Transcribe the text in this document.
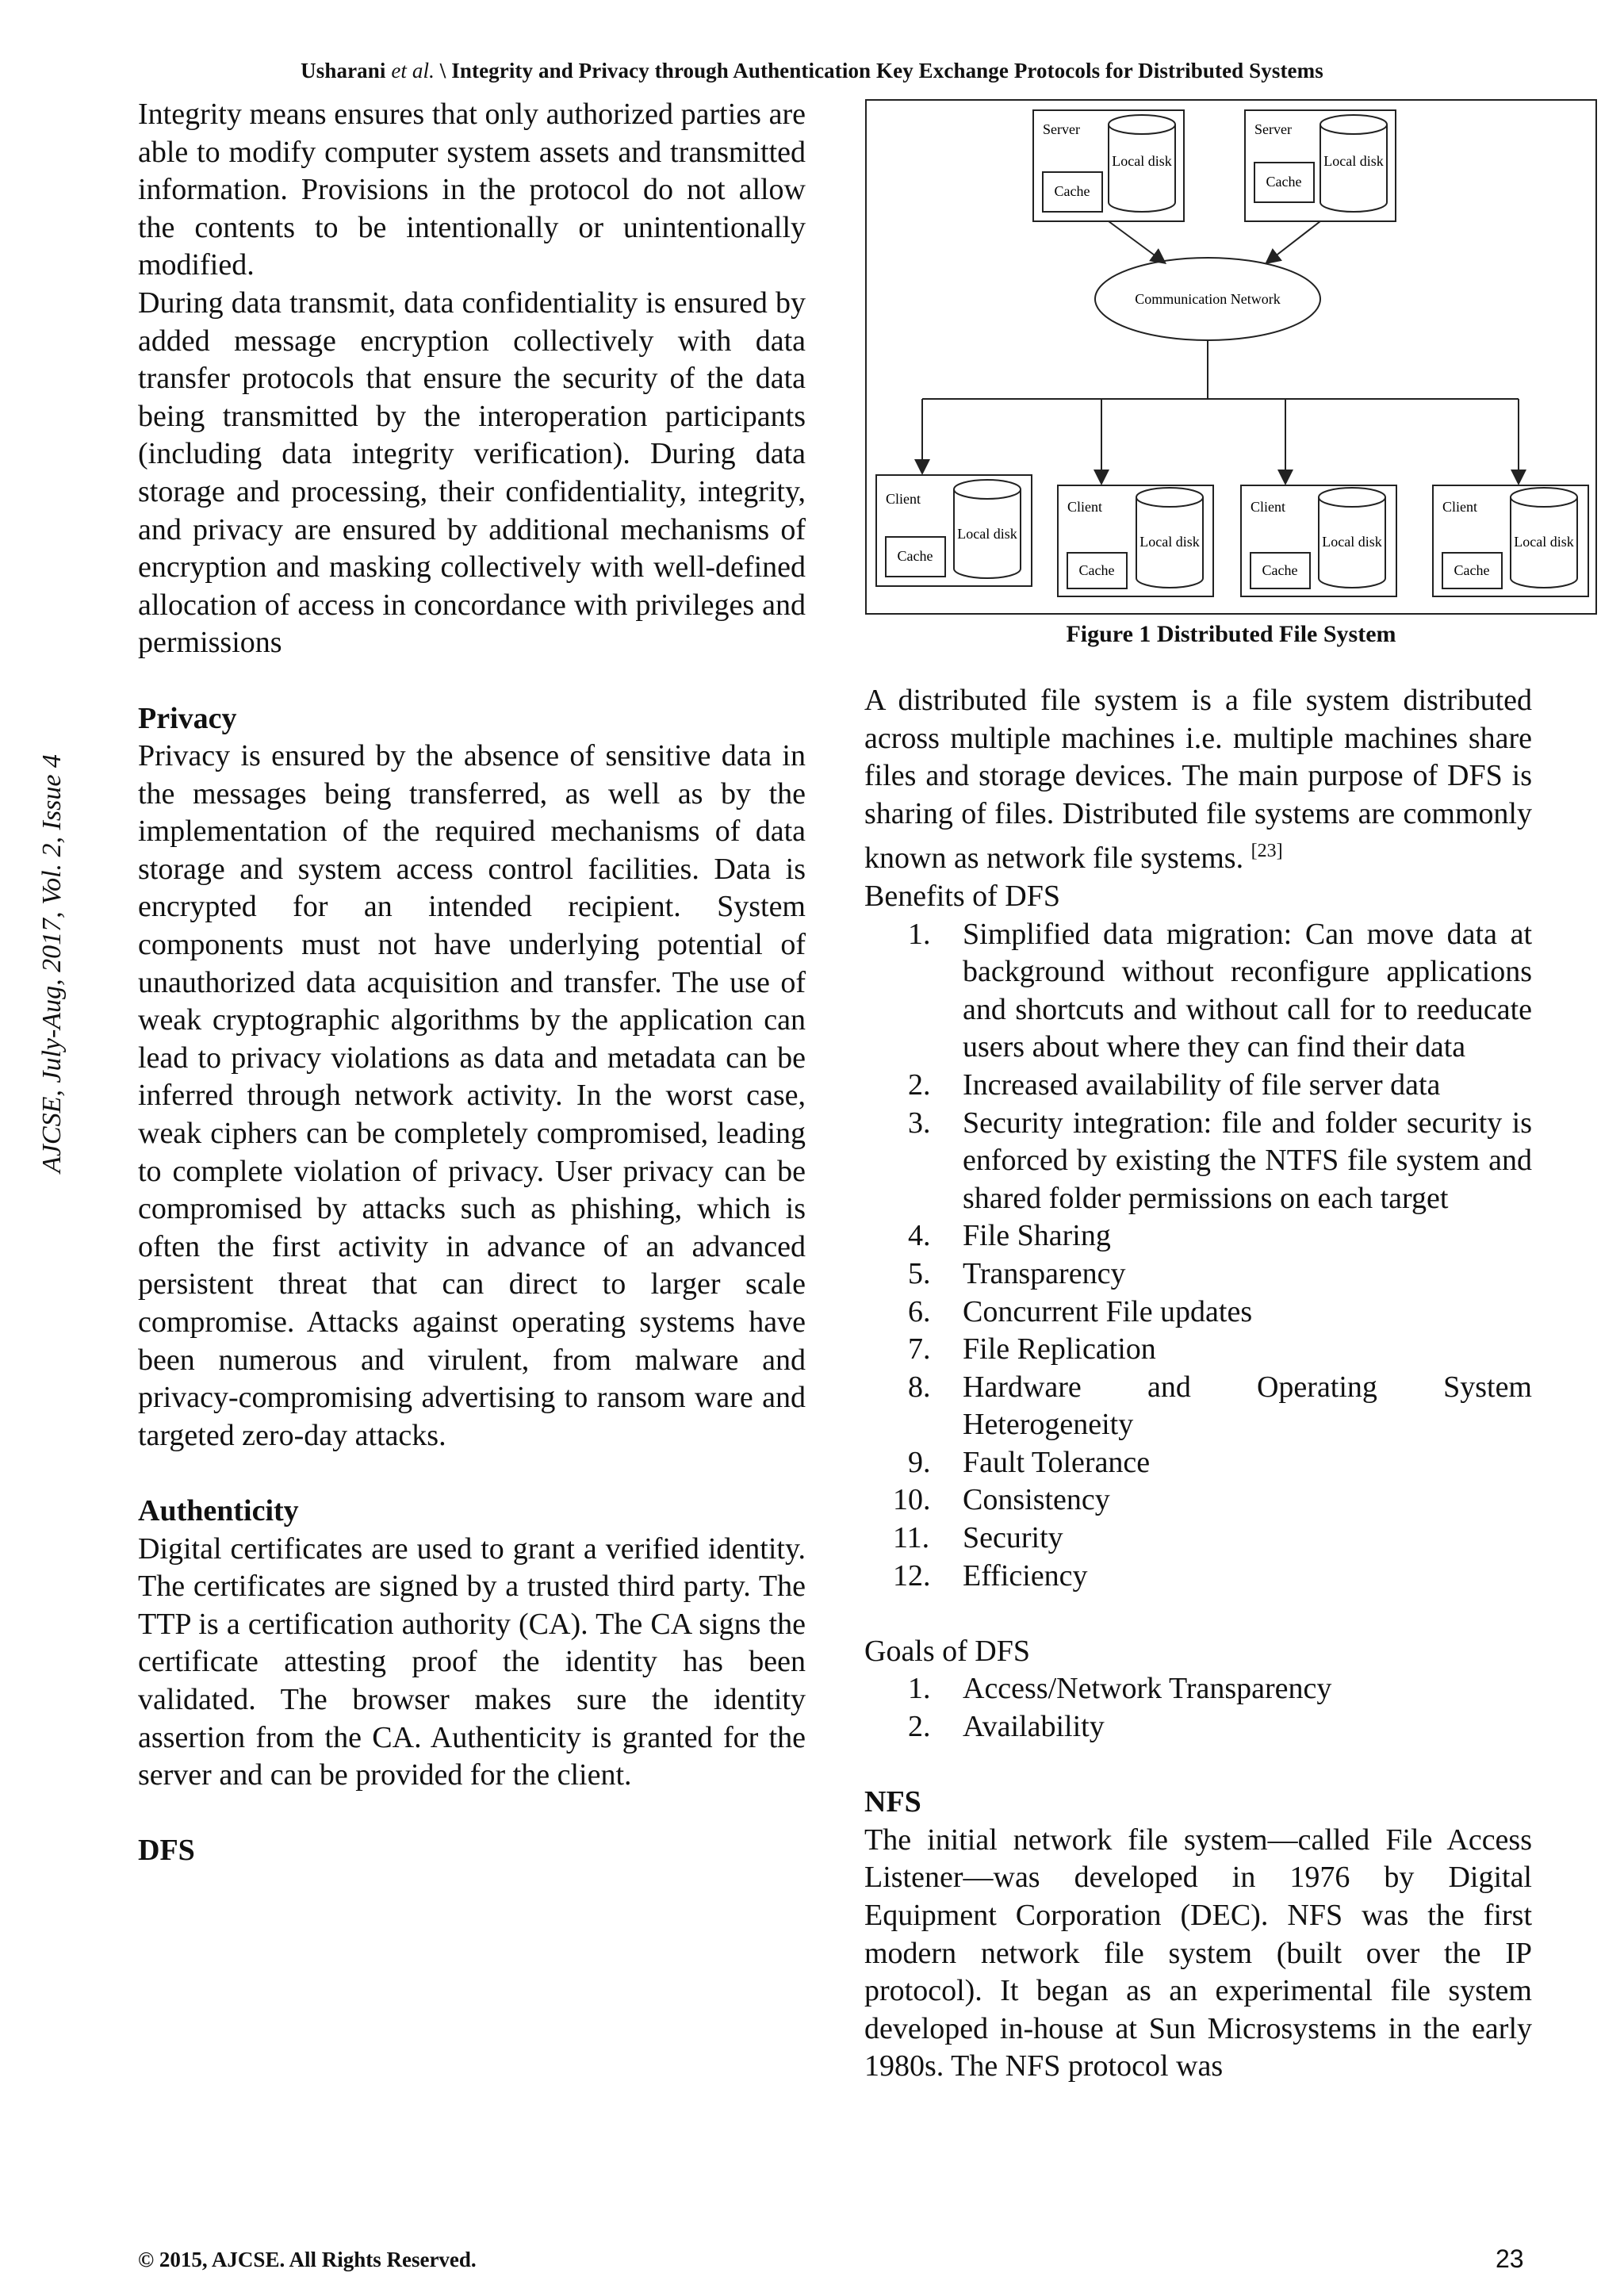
Usharani et al. \ Integrity and Privacy through Authentication Key Exchange Protocols for Distributed Systems
AJCSE, July-Aug, 2017, Vol. 2, Issue 4

Integrity means ensures that only authorized parties are able to modify computer system assets and transmitted information. Provisions in the protocol do not allow the contents to be intentionally or unintentionally modified.

During data transmit, data confidentiality is ensured by added message encryption collectively with data transfer protocols that ensure the security of the data being transmitted by the interoperation participants (including data integrity verification). During data storage and processing, their confidentiality, integrity, and privacy are ensured by additional mechanisms of encryption and masking collectively with well-defined allocation of access in concordance with privileges and permissions

Privacy

Privacy is ensured by the absence of sensitive data in the messages being transferred, as well as by the implementation of the required mechanisms of data storage and system access control facilities. Data is encrypted for an intended recipient. System components must not have underlying potential of unauthorized data acquisition and transfer. The use of weak cryptographic algorithms by the application can lead to privacy violations as data and metadata can be inferred through network activity. In the worst case, weak ciphers can be completely compromised, leading to complete violation of privacy. User privacy can be compromised by attacks such as phishing, which is often the first activity in advance of an advanced persistent threat that can direct to larger scale compromise. Attacks against operating systems have been numerous and virulent, from malware and privacy-compromising advertising to ransom ware and targeted zero-day attacks.

Authenticity

Digital certificates are used to grant a verified identity. The certificates are signed by a trusted third party. The TTP is a certification authority (CA). The CA signs the certificate attesting proof the identity has been validated. The browser makes sure the identity assertion from the CA. Authenticity is granted for the server and can be provided for the client.

DFS
Server
Cache
Local disk
Server
Cache
Local disk
Communication Network
Client
Cache
Local disk
Client
Cache
Local disk
Client
Cache
Local disk
Client
Cache
Local disk
Figure 1 Distributed File System

A distributed file system is a file system distributed across multiple machines i.e. multiple machines share files and storage devices. The main purpose of DFS is sharing of files. Distributed file systems are commonly known as network file systems. [23]

Benefits of DFS

1. Simplified data migration: Can move data at background without reconfigure applications and shortcuts and without call for to reeducate users about where they can find their data
2. Increased availability of file server data
3. Security integration: file and folder security is enforced by existing the NTFS file system and shared folder permissions on each target
4. File Sharing
5. Transparency
6. Concurrent File updates
7. File Replication
8. Hardware and Operating System Heterogeneity
9. Fault Tolerance
10. Consistency
11. Security
12. Efficiency

Goals of DFS

1. Access/Network Transparency
2. Availability
NFS

The initial network file system—called File Access Listener—was developed in 1976 by Digital Equipment Corporation (DEC). NFS was the first modern network file system (built over the IP protocol). It began as an experimental file system developed in-house at Sun Microsystems in the early 1980s. The NFS protocol was

© 2015, AJCSE. All Rights Reserved.	23
